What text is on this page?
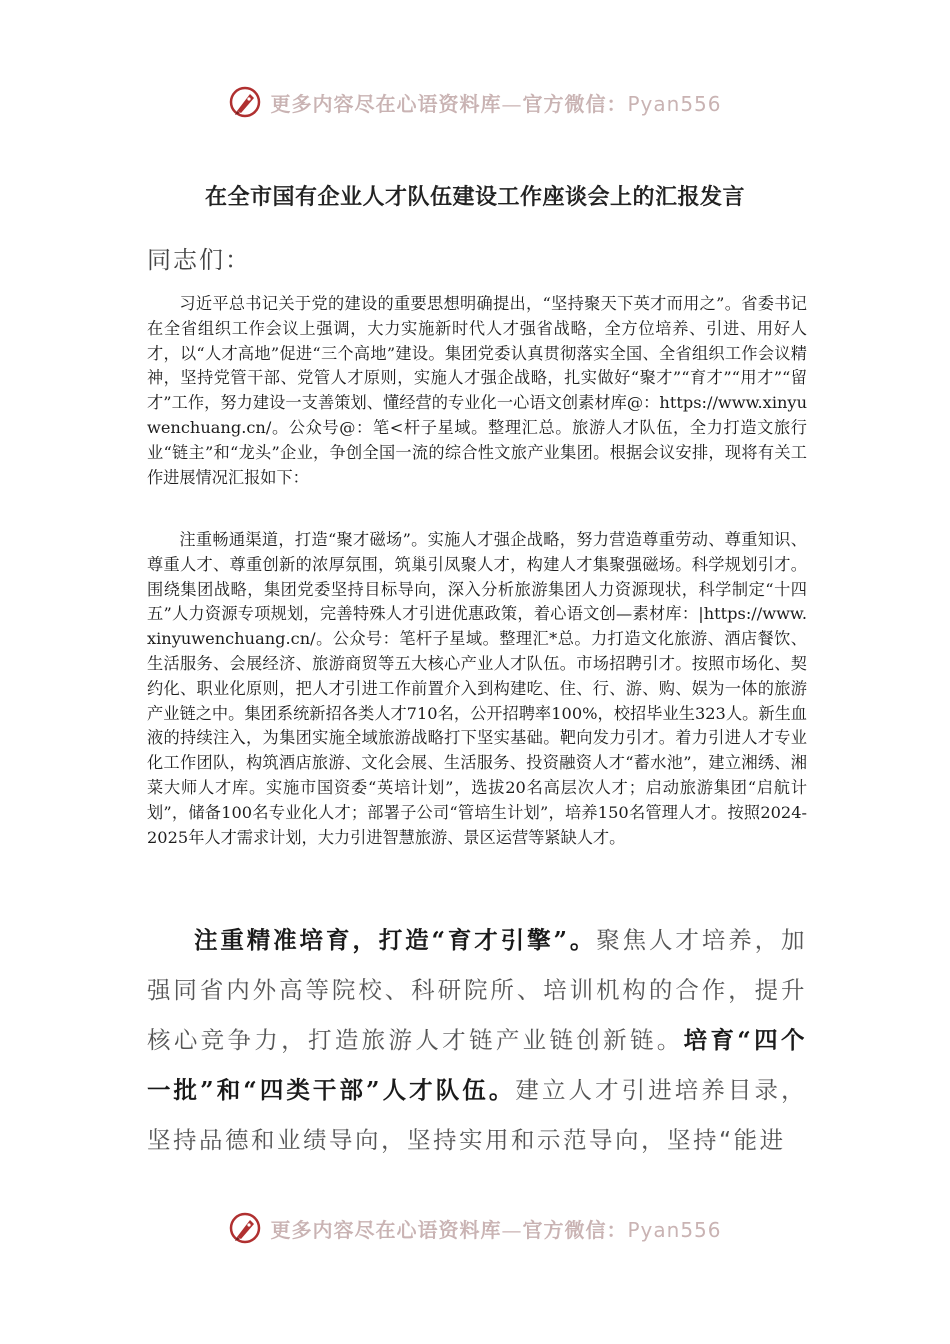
更多内容尽在心语资料库—官方微信：Pyan556
在全市国有企业人才队伍建设工作座谈会上的汇报发言
同志们：

习近平总书记关于党的建设的重要思想明确提出，“坚持聚天下英才而用之”。省委书记在全省组织工作会议上强调，大力实施新时代人才强省战略，全方位培养、引进、用好人才，以“人才高地”促进“三个高地”建设。集团党委认真贯彻落实全国、全省组织工作会议精神，坚持党管干部、党管人才原则，实施人才强企战略，扎实做好“聚才”“育才”“用才”“留才”工作，努力建设一支善策划、懂经营的专业化一心语文创素材库@：https://www.xinyuwenchuang.cn/。公众号@：笔<杆子星域。整理汇总。旅游人才队伍，全力打造文旅行业“链主”和“龙头”企业，争创全国一流的综合性文旅产业集团。根据会议安排，现将有关工作进展情况汇报如下：

注重畅通渠道，打造“聚才磁场”。实施人才强企战略，努力营造尊重劳动、尊重知识、尊重人才、尊重创新的浓厚氛围，筑巢引凤聚人才，构建人才集聚强磁场。科学规划引才。围绕集团战略，集团党委坚持目标导向，深入分析旅游集团人力资源现状，科学制定“十四五”人力资源专项规划，完善特殊人才引进优惠政策，着心语文创—素材库：|https://www.xinyuwenchuang.cn/。公众号：笔杆子星域。整理汇*总。力打造文化旅游、酒店餐饮、生活服务、会展经济、旅游商贸等五大核心产业人才队伍。市场招聘引才。按照市场化、契约化、职业化原则，把人才引进工作前置介入到构建吃、住、行、游、购、娱为一体的旅游产业链之中。集团系统新招各类人才710名，公开招聘率100%，校招毕业生323人。新生血液的持续注入，为集团实施全域旅游战略打下坚实基础。靶向发力引才。着力引进人才专业化工作团队，构筑酒店旅游、文化会展、生活服务、投资融资人才“蓄水池”，建立湘绣、湘菜大师人才库。实施市国资委“英培计划”，选拔20名高层次人才；启动旅游集团“启航计划”，储备100名专业化人才；部署子公司“管培生计划”，培养150名管理人才。按照2024-2025年人才需求计划，大力引进智慧旅游、景区运营等紧缺人才。

注重精准培育，打造“育才引擎”。聚焦人才培养，加强同省内外高等院校、科研院所、培训机构的合作，提升核心竞争力，打造旅游人才链产业链创新链。培育“四个一批”和“四类干部”人才队伍。建立人才引进培养目录，坚持品德和业绩导向，坚持实用和示范导向，坚持“能进

更多内容尽在心语资料库—官方微信：Pyan556
